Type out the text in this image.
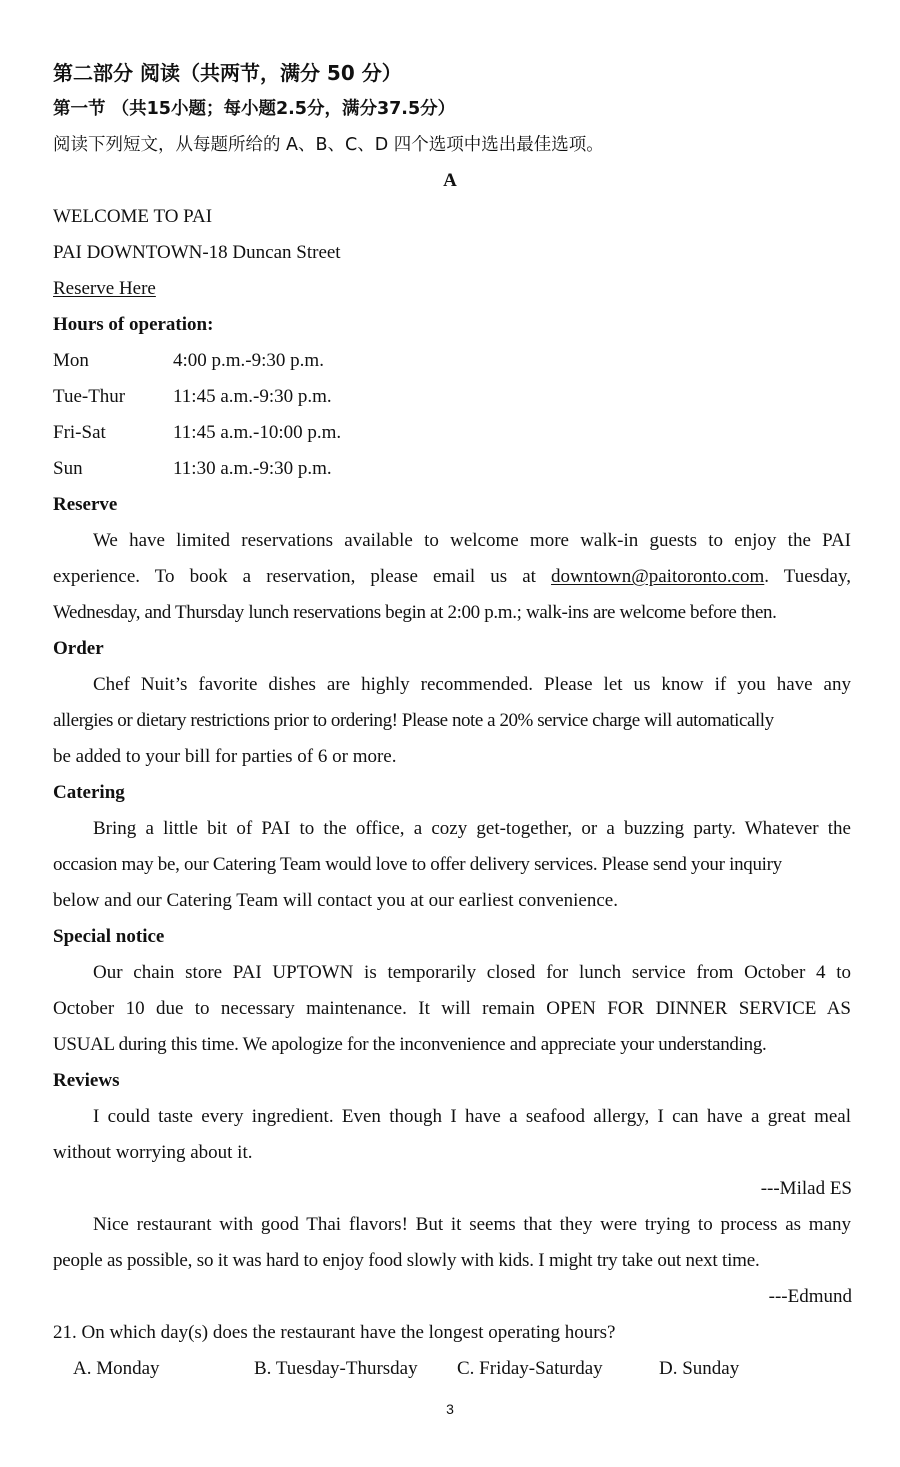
第二部分 阅读（共两节，满分 50 分）
第一节 （共15小题；每小题2.5分，满分37.5分）
阅读下列短文，从每题所给的 A、B、C、D 四个选项中选出最佳选项。
A
WELCOME TO PAI
PAI DOWNTOWN-18 Duncan Street
Reserve Here
Hours of operation:
Mon	4:00 p.m.-9:30 p.m.
Tue-Thur	11:45 a.m.-9:30 p.m.
Fri-Sat	11:45 a.m.-10:00 p.m.
Sun	11:30 a.m.-9:30 p.m.
Reserve
We have limited reservations available to welcome more walk-in guests to enjoy the PAI
experience. To book a reservation, please email us at downtown@paitoronto.com. Tuesday,
Wednesday, and Thursday lunch reservations begin at 2:00 p.m.; walk-ins are welcome before then.
Order
Chef Nuit’s favorite dishes are highly recommended. Please let us know if you have any
allergies or dietary restrictions prior to ordering! Please note a 20% service charge will automatically
be added to your bill for parties of 6 or more.
Catering
Bring a little bit of PAI to the office, a cozy get-together, or a buzzing party. Whatever the
occasion may be, our Catering Team would love to offer delivery services. Please send your inquiry
below and our Catering Team will contact you at our earliest convenience.
Special notice
Our chain store PAI UPTOWN is temporarily closed for lunch service from October 4 to
October 10 due to necessary maintenance. It will remain OPEN FOR DINNER SERVICE AS
USUAL during this time. We apologize for the inconvenience and appreciate your understanding.
Reviews
I could taste every ingredient. Even though I have a seafood allergy, I can have a great meal
without worrying about it.
---Milad ES
Nice restaurant with good Thai flavors! But it seems that they were trying to process as many
people as possible, so it was hard to enjoy food slowly with kids. I might try take out next time.
---Edmund
21. On which day(s) does the restaurant have the longest operating hours?
A. Monday	B. Tuesday-Thursday C. Friday-Saturday	D. Sunday
3
